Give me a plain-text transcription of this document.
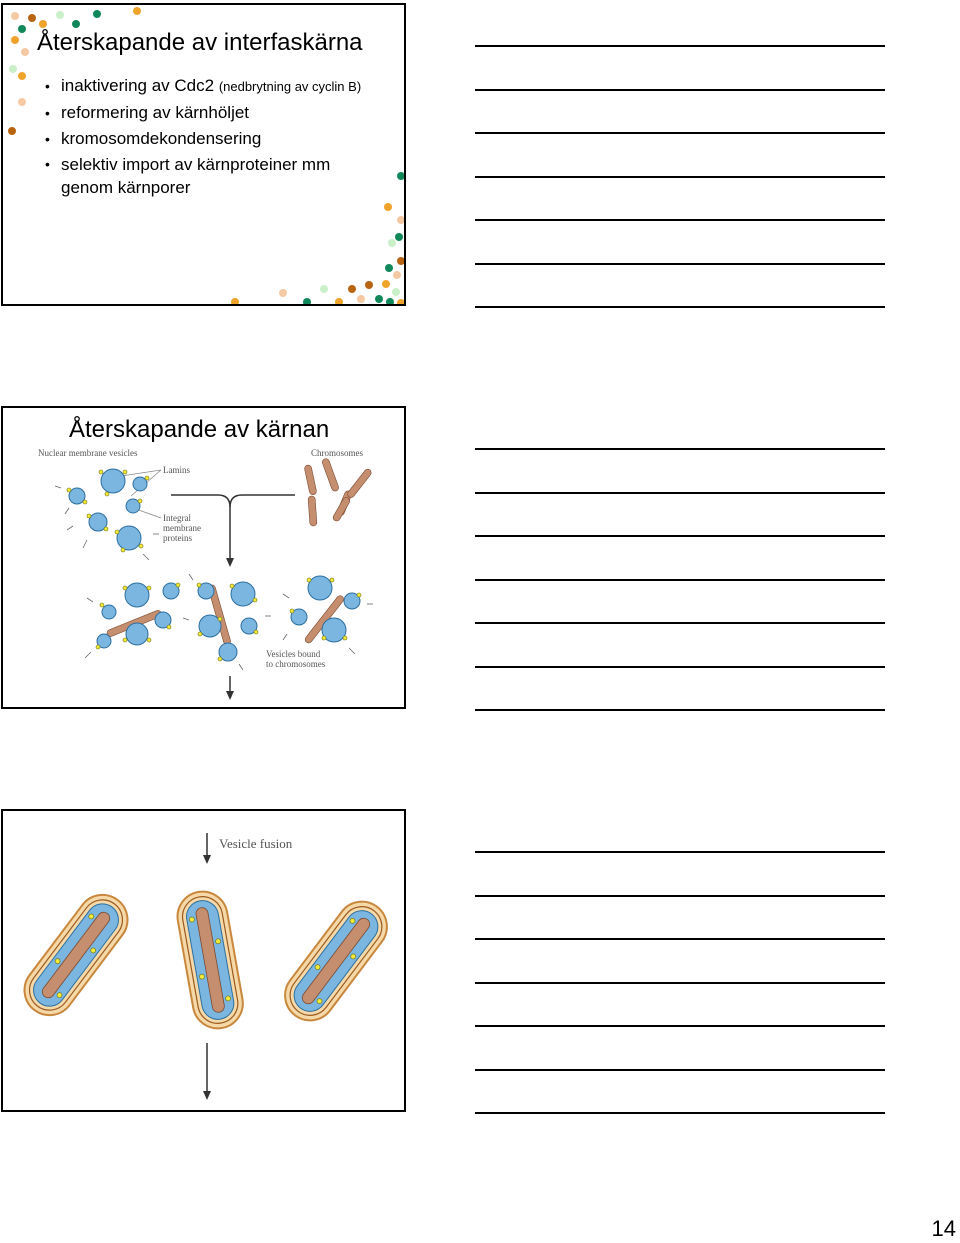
Återskapande av interfaskärna
• inaktivering av Cdc2 (nedbrytning av cyclin B)
• reformering av kärnhöljet
• kromosomdekondensering
• selektiv import av kärnproteiner mm genom kärnporer
Återskapande av kärnan
Nuclear membrane vesicles	Chromosomes
Lamins
Integral
membrane
proteins
Vesicles bound
to chromosomes
Vesicle fusion
14
